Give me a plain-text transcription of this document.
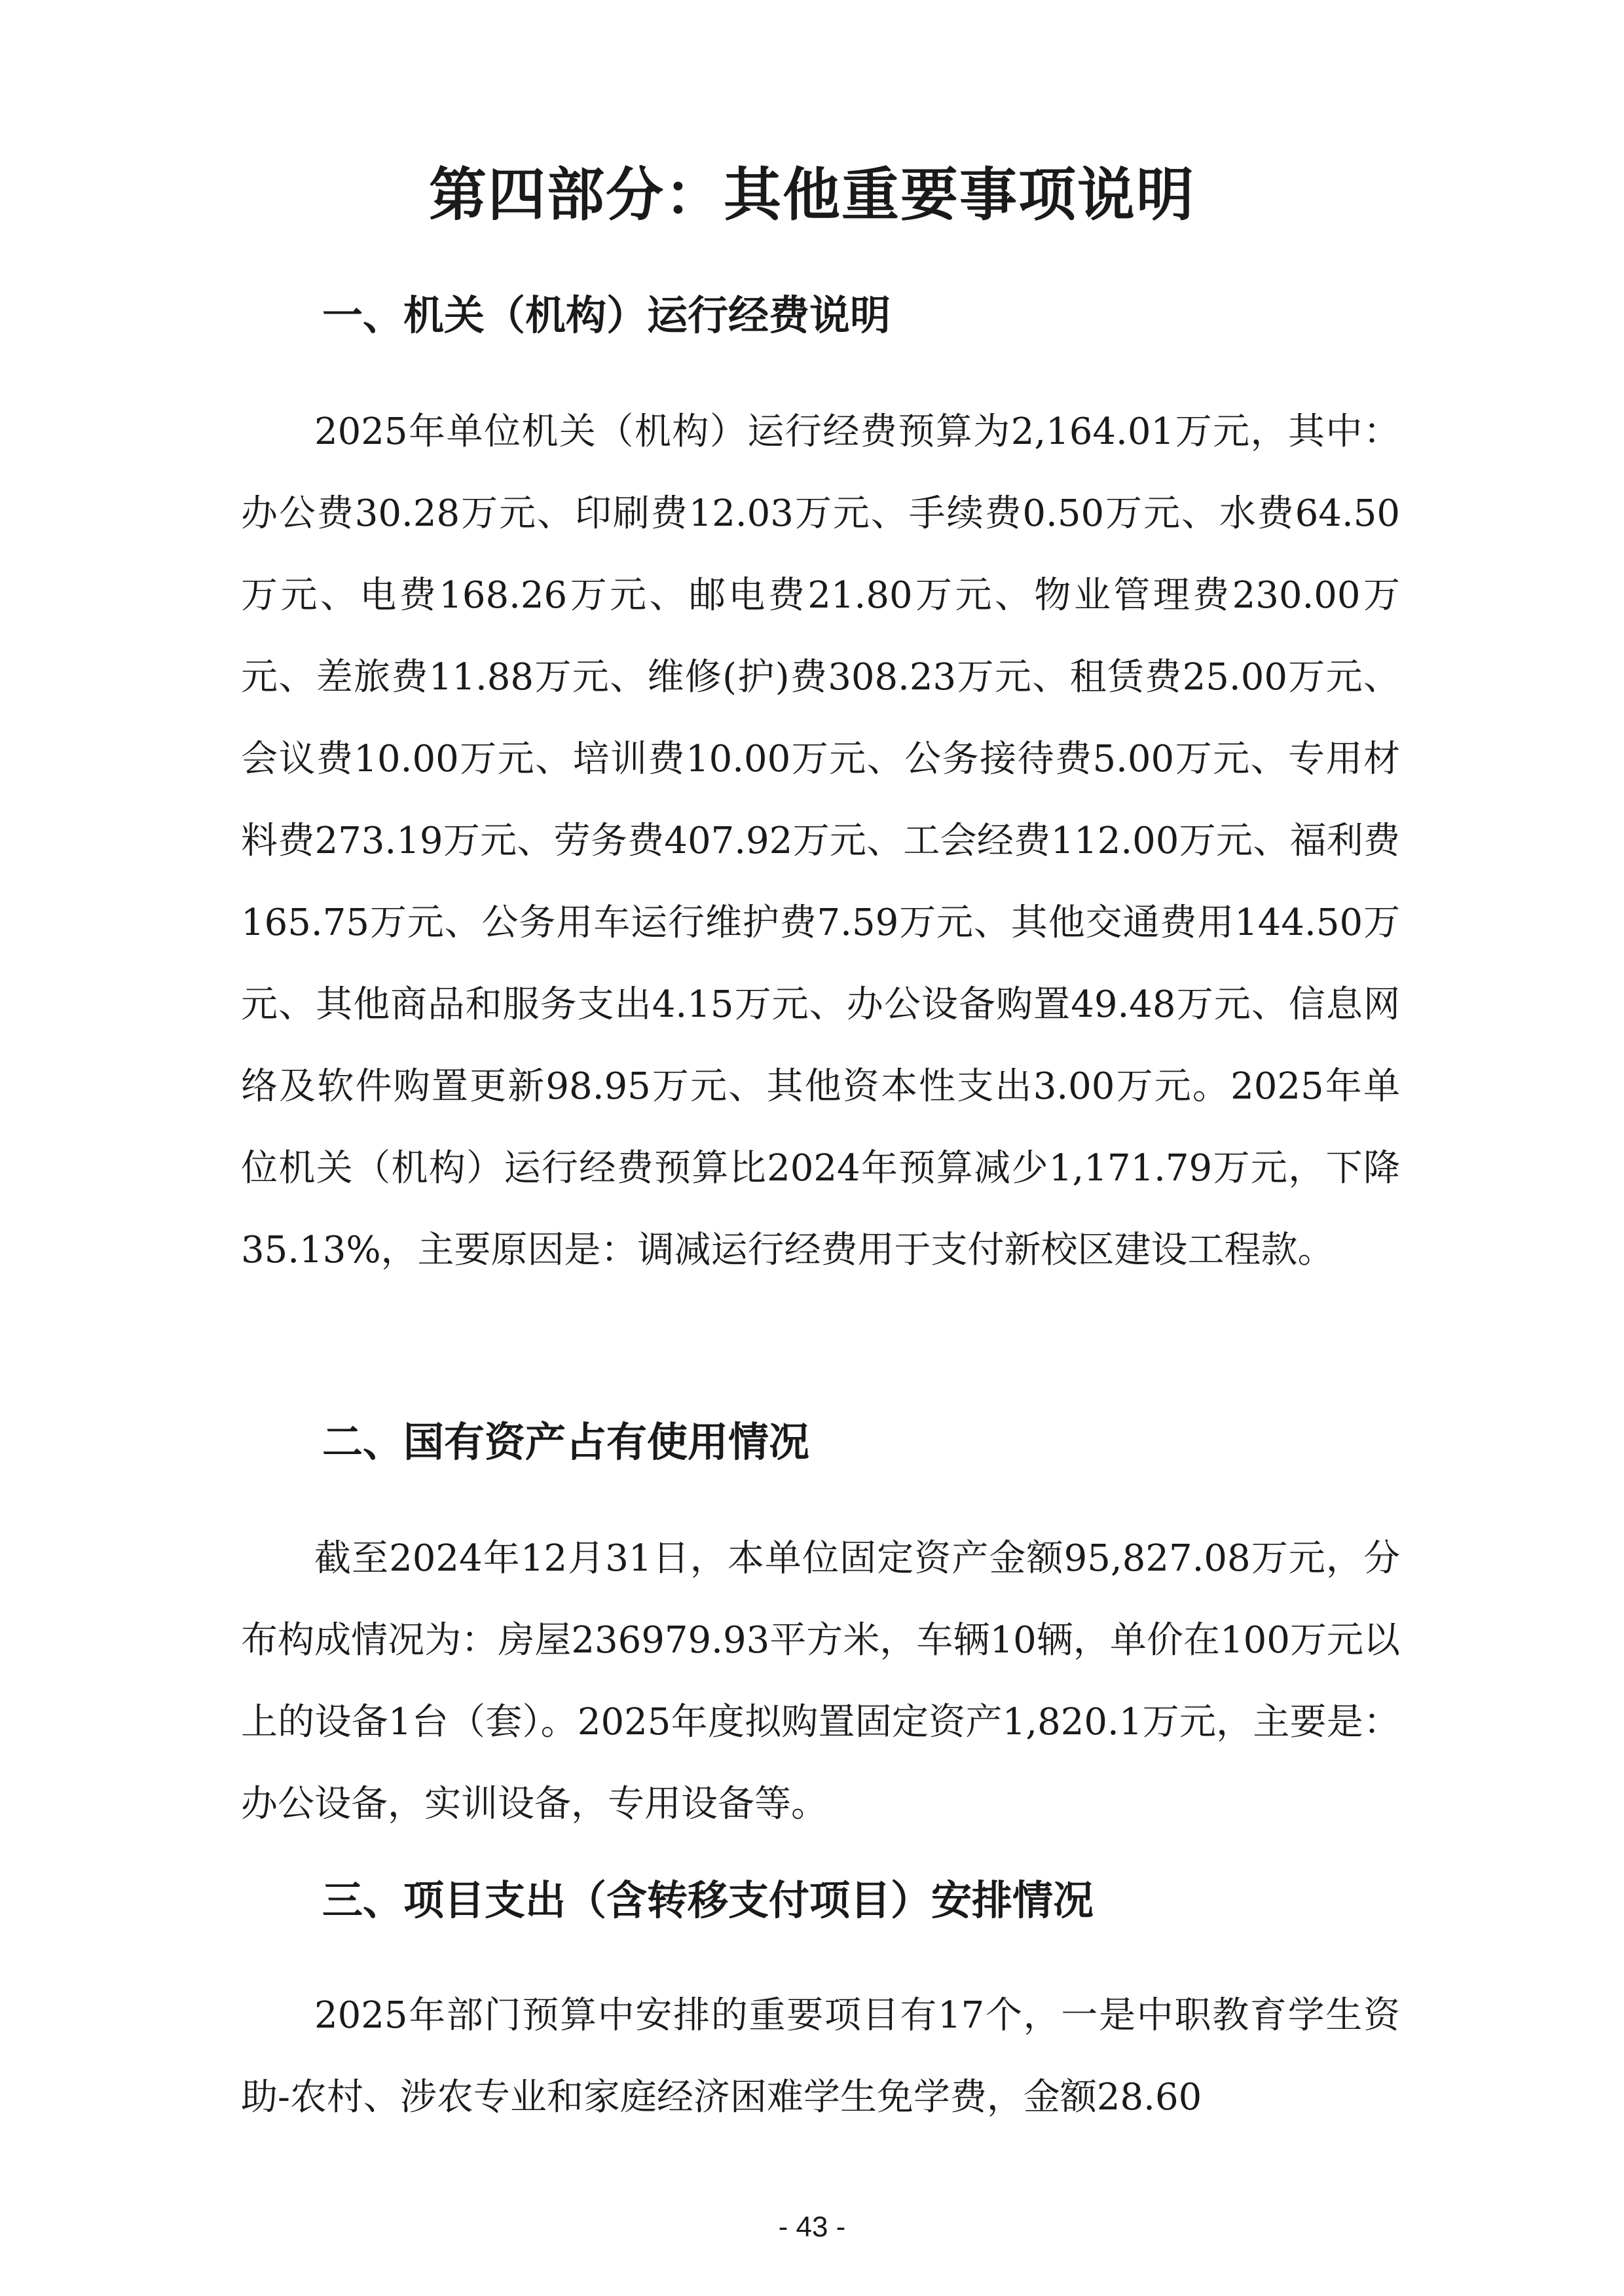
第四部分：其他重要事项说明
一、机关（机构）运行经费说明

2025年单位机关（机构）运行经费预算为2,164.01万元，其中：办公费30.28万元、印刷费12.03万元、手续费0.50万元、水费64.50万元、电费168.26万元、邮电费21.80万元、物业管理费230.00万元、差旅费11.88万元、维修(护)费308.23万元、租赁费25.00万元、会议费10.00万元、培训费10.00万元、公务接待费5.00万元、专用材料费273.19万元、劳务费407.92万元、工会经费112.00万元、福利费165.75万元、公务用车运行维护费7.59万元、其他交通费用144.50万元、其他商品和服务支出4.15万元、办公设备购置49.48万元、信息网络及软件购置更新98.95万元、其他资本性支出3.00万元。2025年单位机关（机构）运行经费预算比2024年预算减少1,171.79万元，下降35.13%，主要原因是：调减运行经费用于支付新校区建设工程款。

二、国有资产占有使用情况

截至2024年12月31日，本单位固定资产金额95,827.08万元，分布构成情况为：房屋236979.93平方米，车辆10辆，单价在100万元以上的设备1台（套）。2025年度拟购置固定资产1,820.1万元，主要是：办公设备，实训设备，专用设备等。

三、项目支出（含转移支付项目）安排情况

2025年部门预算中安排的重要项目有17个，一是中职教育学生资助-农村、涉农专业和家庭经济困难学生免学费，金额28.60

- 43 -
